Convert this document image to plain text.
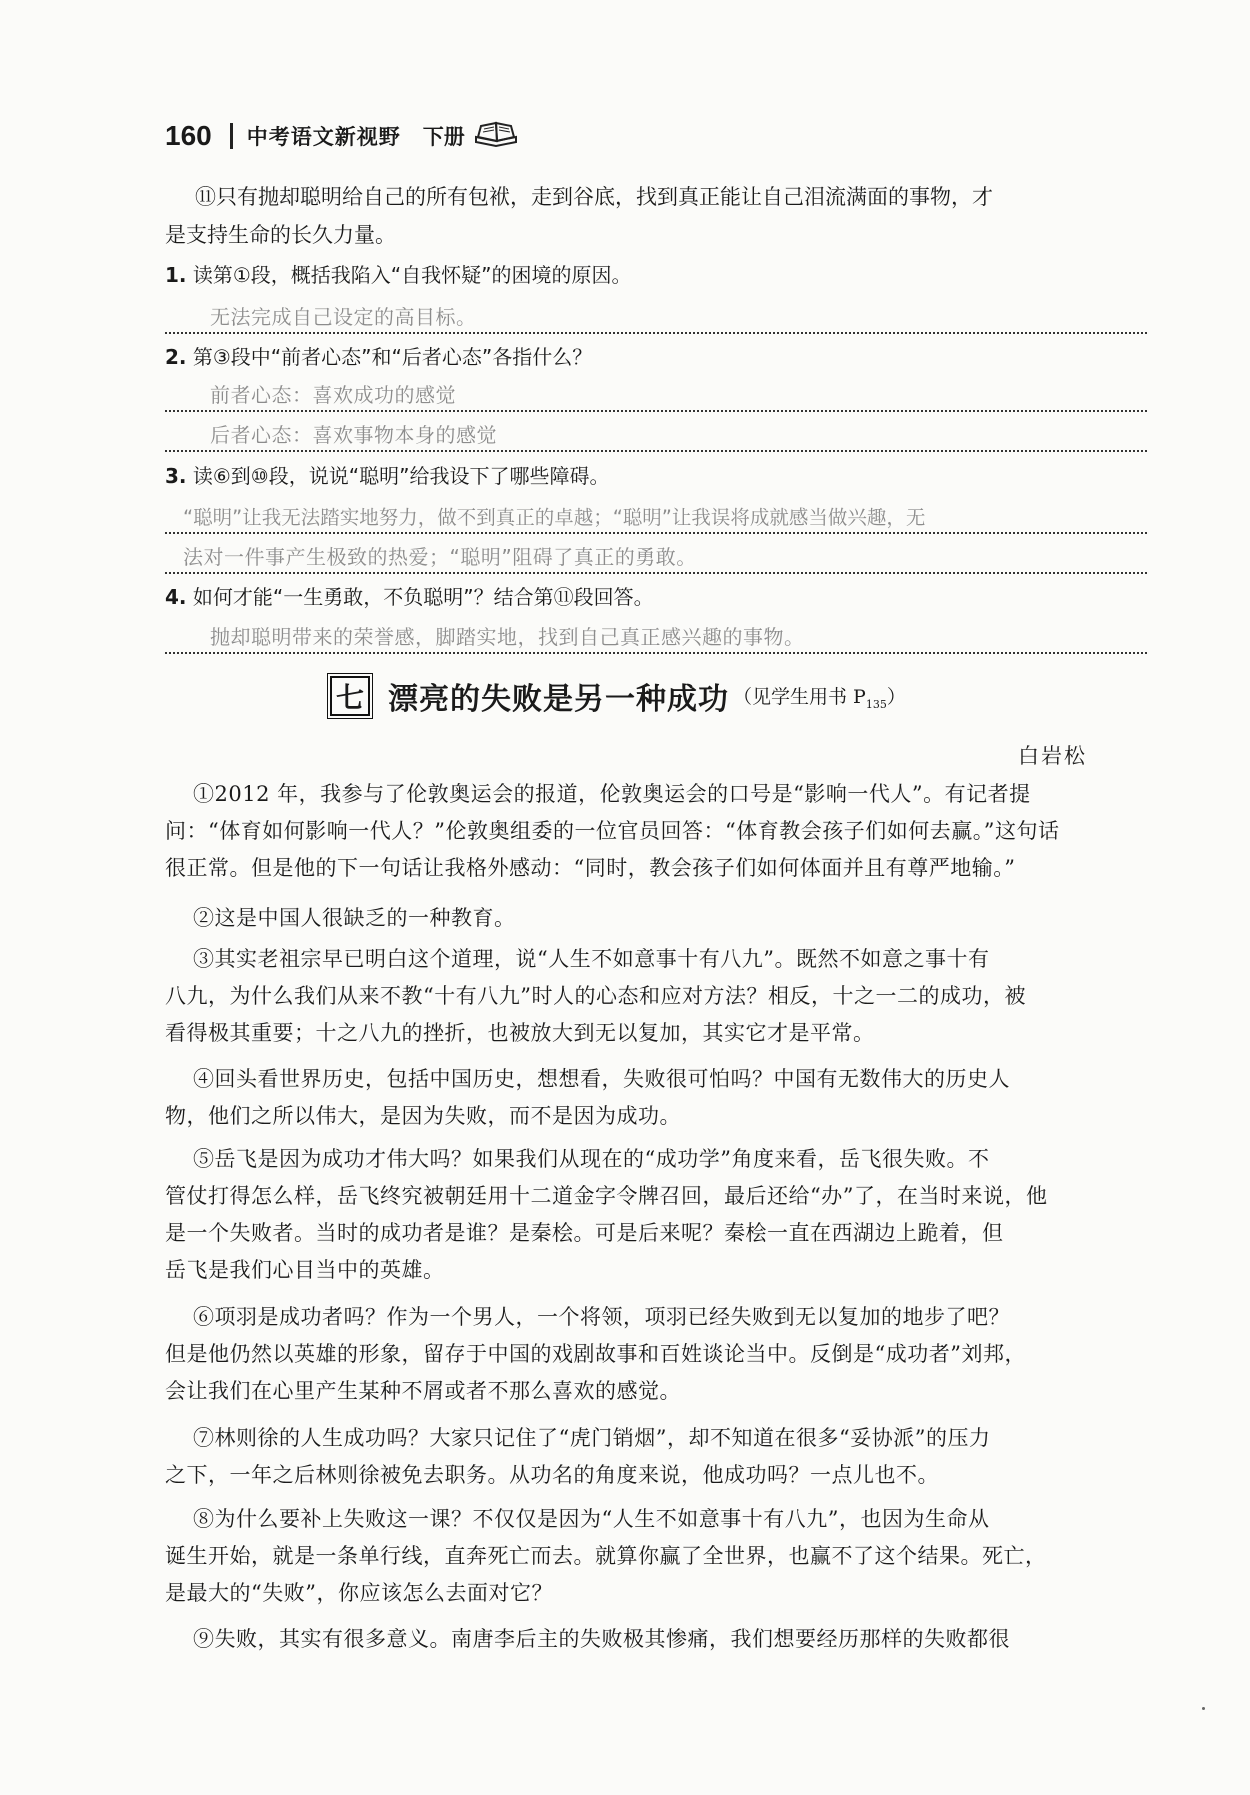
160 中考语文新视野 下册
⑪只有抛却聪明给自己的所有包袱，走到谷底，找到真正能让自己泪流满面的事物，才
是支持生命的长久力量。
1. 读第①段，概括我陷入“自我怀疑”的困境的原因。
无法完成自己设定的高目标。
2. 第③段中“前者心态”和“后者心态”各指什么？
前者心态：喜欢成功的感觉
后者心态：喜欢事物本身的感觉
3. 读⑥到⑩段，说说“聪明”给我设下了哪些障碍。
“聪明”让我无法踏实地努力，做不到真正的卓越；“聪明”让我误将成就感当做兴趣，无
法对一件事产生极致的热爱；“聪明”阻碍了真正的勇敢。
4. 如何才能“一生勇敢，不负聪明”？结合第⑪段回答。
抛却聪明带来的荣誉感，脚踏实地，找到自己真正感兴趣的事物。
七 漂亮的失败是另一种成功 （见学生用书 $P_{135}$）
白岩松
①2012 年，我参与了伦敦奥运会的报道，伦敦奥运会的口号是“影响一代人”。有记者提
问：“体育如何影响一代人？”伦敦奥组委的一位官员回答：“体育教会孩子们如何去赢。”这句话
很正常。但是他的下一句话让我格外感动：“同时，教会孩子们如何体面并且有尊严地输。”
②这是中国人很缺乏的一种教育。
③其实老祖宗早已明白这个道理，说“人生不如意事十有八九”。既然不如意之事十有
八九，为什么我们从来不教“十有八九”时人的心态和应对方法？相反，十之一二的成功，被
看得极其重要；十之八九的挫折，也被放大到无以复加，其实它才是平常。
④回头看世界历史，包括中国历史，想想看，失败很可怕吗？中国有无数伟大的历史人
物，他们之所以伟大，是因为失败，而不是因为成功。
⑤岳飞是因为成功才伟大吗？如果我们从现在的“成功学”角度来看，岳飞很失败。不
管仗打得怎么样，岳飞终究被朝廷用十二道金字令牌召回，最后还给“办”了，在当时来说，他
是一个失败者。当时的成功者是谁？是秦桧。可是后来呢？秦桧一直在西湖边上跪着，但
岳飞是我们心目当中的英雄。
⑥项羽是成功者吗？作为一个男人，一个将领，项羽已经失败到无以复加的地步了吧？
但是他仍然以英雄的形象，留存于中国的戏剧故事和百姓谈论当中。反倒是“成功者”刘邦，
会让我们在心里产生某种不屑或者不那么喜欢的感觉。
⑦林则徐的人生成功吗？大家只记住了“虎门销烟”，却不知道在很多“妥协派”的压力
之下，一年之后林则徐被免去职务。从功名的角度来说，他成功吗？一点儿也不。
⑧为什么要补上失败这一课？不仅仅是因为“人生不如意事十有八九”，也因为生命从
诞生开始，就是一条单行线，直奔死亡而去。就算你赢了全世界，也赢不了这个结果。死亡，
是最大的“失败”，你应该怎么去面对它？
⑨失败，其实有很多意义。南唐李后主的失败极其惨痛，我们想要经历那样的失败都很
